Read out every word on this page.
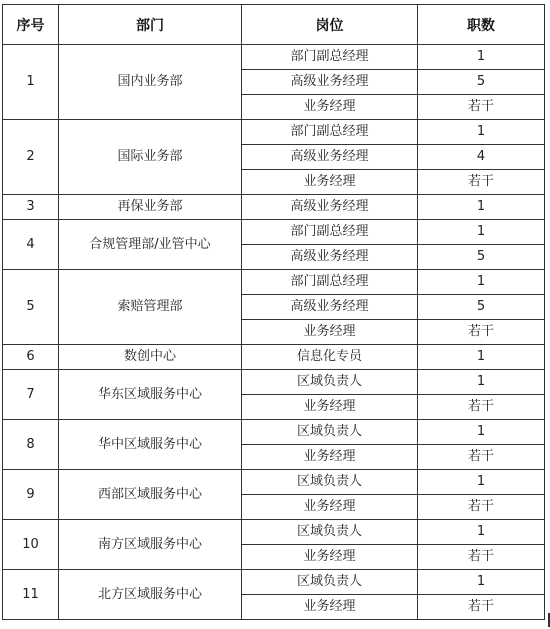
序号	部门	岗位	职数
1	国内业务部	部门副总经理	1
		高级业务经理	5
		业务经理	若干
2	国际业务部	部门副总经理	1
		高级业务经理	4
		业务经理	若干
3	再保业务部	高级业务经理	1
4	合规管理部/业管中心	部门副总经理	1
		高级业务经理	5
5	索赔管理部	部门副总经理	1
		高级业务经理	5
		业务经理	若干
6	数创中心	信息化专员	1
7	华东区域服务中心	区域负责人	1
		业务经理	若干
8	华中区域服务中心	区域负责人	1
		业务经理	若干
9	西部区域服务中心	区域负责人	1
		业务经理	若干
10	南方区域服务中心	区域负责人	1
		业务经理	若干
11	北方区域服务中心	区域负责人	1
		业务经理	若干
